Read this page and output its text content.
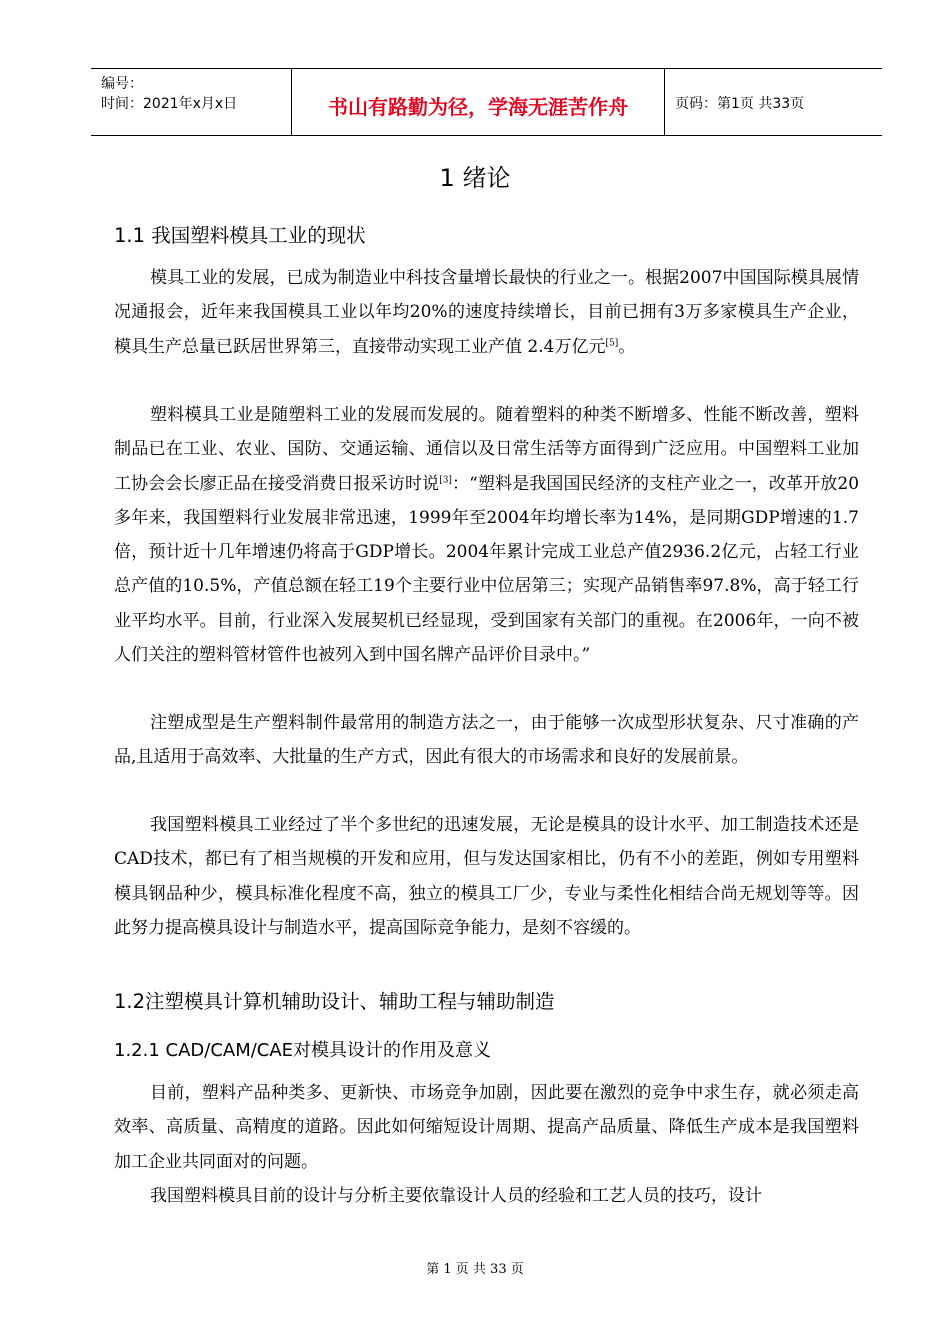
编号：
时间：2021年x月x日	书山有路勤为径，学海无涯苦作舟	页码：第1页 共33页
1 绪论
1.1 我国塑料模具工业的现状

模具工业的发展，已成为制造业中科技含量增长最快的行业之一。根据2007中国国际模具展情况通报会，近年来我国模具工业以年均20%的速度持续增长，目前已拥有3万多家模具生产企业，模具生产总量已跃居世界第三，直接带动实现工业产值 2.4万亿元[5]。

塑料模具工业是随塑料工业的发展而发展的。随着塑料的种类不断增多、性能不断改善，塑料制品已在工业、农业、国防、交通运输、通信以及日常生活等方面得到广泛应用。中国塑料工业加工协会会长廖正品在接受消费日报采访时说[3]：“塑料是我国国民经济的支柱产业之一，改革开放20多年来，我国塑料行业发展非常迅速，1999年至2004年均增长率为14%，是同期GDP增速的1.7倍，预计近十几年增速仍将高于GDP增长。2004年累计完成工业总产值2936.2亿元，占轻工行业总产值的10.5%，产值总额在轻工19个主要行业中位居第三；实现产品销售率97.8%，高于轻工行业平均水平。目前，行业深入发展契机已经显现，受到国家有关部门的重视。在2006年，一向不被人们关注的塑料管材管件也被列入到中国名牌产品评价目录中。”

注塑成型是生产塑料制件最常用的制造方法之一，由于能够一次成型形状复杂、尺寸准确的产品,且适用于高效率、大批量的生产方式，因此有很大的市场需求和良好的发展前景。

我国塑料模具工业经过了半个多世纪的迅速发展，无论是模具的设计水平、加工制造技术还是CAD技术，都已有了相当规模的开发和应用，但与发达国家相比，仍有不小的差距，例如专用塑料模具钢品种少，模具标准化程度不高，独立的模具工厂少，专业与柔性化相结合尚无规划等等。因此努力提高模具设计与制造水平，提高国际竞争能力，是刻不容缓的。

1.2注塑模具计算机辅助设计、辅助工程与辅助制造
1.2.1 CAD/CAM/CAE对模具设计的作用及意义

目前，塑料产品种类多、更新快、市场竞争加剧，因此要在激烈的竞争中求生存，就必须走高效率、高质量、高精度的道路。因此如何缩短设计周期、提高产品质量、降低生产成本是我国塑料加工企业共同面对的问题。

我国塑料模具目前的设计与分析主要依靠设计人员的经验和工艺人员的技巧，设计

第 1 页 共 33 页
